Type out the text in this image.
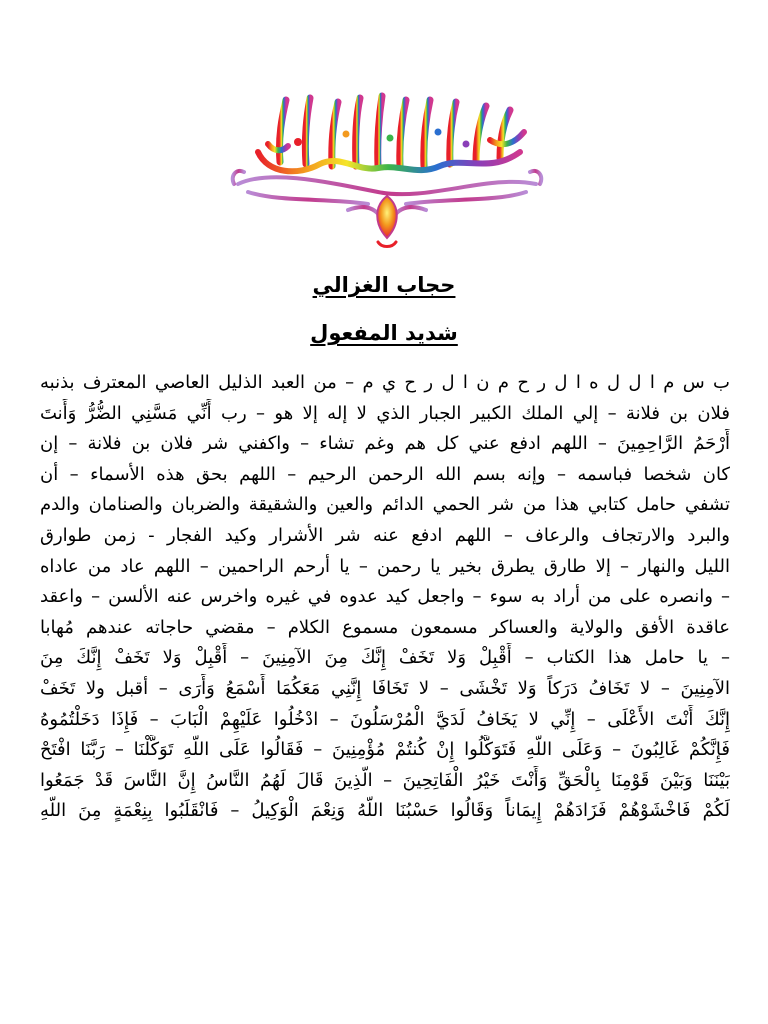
حجاب الغزالي
شديد المفعول
ب س م ا ل ل ه ا ل ر ح م ن ا ل ر ح ي م – من العبد الذليل العاصي المعترف بذنبه
فلان بن فلانة – إلي الملك الكبير الجبار الذي لا إله إلا هو – رب أَنِّي مَسَّنِي الضُّرُّ وَأَنتَ
أَرْحَمُ الرَّاحِمِينَ – اللهم ادفع عني كل هم وغم تشاء – واكفني شر فلان بن فلانة – إن
كان شخصا فباسمه – وإنه بسم الله الرحمن الرحيم – اللهم بحق هذه الأسماء – أن
تشفي حامل كتابي هذا من شر الحمي الدائم والعين والشقيقة والضربان والصنامان والدم
والبرد والارتجاف والرعاف – اللهم ادفع عنه شر الأشرار وكيد الفجار - زمن طوارق
الليل والنهار – إلا طارق يطرق بخير يا رحمن – يا أرحم الراحمين – اللهم عاد من عاداه
– وانصره على من أراد به سوء – واجعل كيد عدوه في غيره واخرس عنه الألسن – واعقد
عاقدة الأفق والولاية والعساكر مسمعون مسموع الكلام – مقضي حاجاته عندهم مُهابا
– يا حامل هذا الكتاب – أَقْبِلْ وَلا تَخَفْ إِنَّكَ مِنَ الآمِنِينَ – أَقْبِلْ وَلا تَخَفْ إِنَّكَ مِنَ
الآمِنِينَ – لا تَخَافُ دَرَكاً وَلا تَخْشَى – لا تَخَافَا إِنَّنِي مَعَكُمَا أَسْمَعُ وَأَرَى – أقبل ولا تَخَفْ
إِنَّكَ أَنْتَ الأَعْلَى – إِنِّي لا يَخَافُ لَدَيَّ الْمُرْسَلُونَ – ادْخُلُوا عَلَيْهِمْ الْبَابَ – فَإِذَا دَخَلْتُمُوهُ
فَإِنَّكُمْ غَالِبُونَ – وَعَلَى اللَّهِ فَتَوَكَّلُوا إِنْ كُنتُمْ مُؤْمِنِينَ – فَقَالُوا عَلَى اللَّهِ تَوَكَّلْنَا – رَبَّنَا افْتَحْ
بَيْنَنَا وَبَيْنَ قَوْمِنَا بِالْحَقِّ وَأَنْتَ خَيْرُ الْفَاتِحِينَ – الَّذِينَ قَالَ لَهُمُ النَّاسُ إِنَّ النَّاسَ قَدْ جَمَعُوا
لَكُمْ فَاخْشَوْهُمْ فَزَادَهُمْ إِيمَاناً وَقَالُوا حَسْبُنَا اللَّهُ وَنِعْمَ الْوَكِيلُ – فَانْقَلَبُوا بِنِعْمَةٍ مِنَ اللَّهِ
